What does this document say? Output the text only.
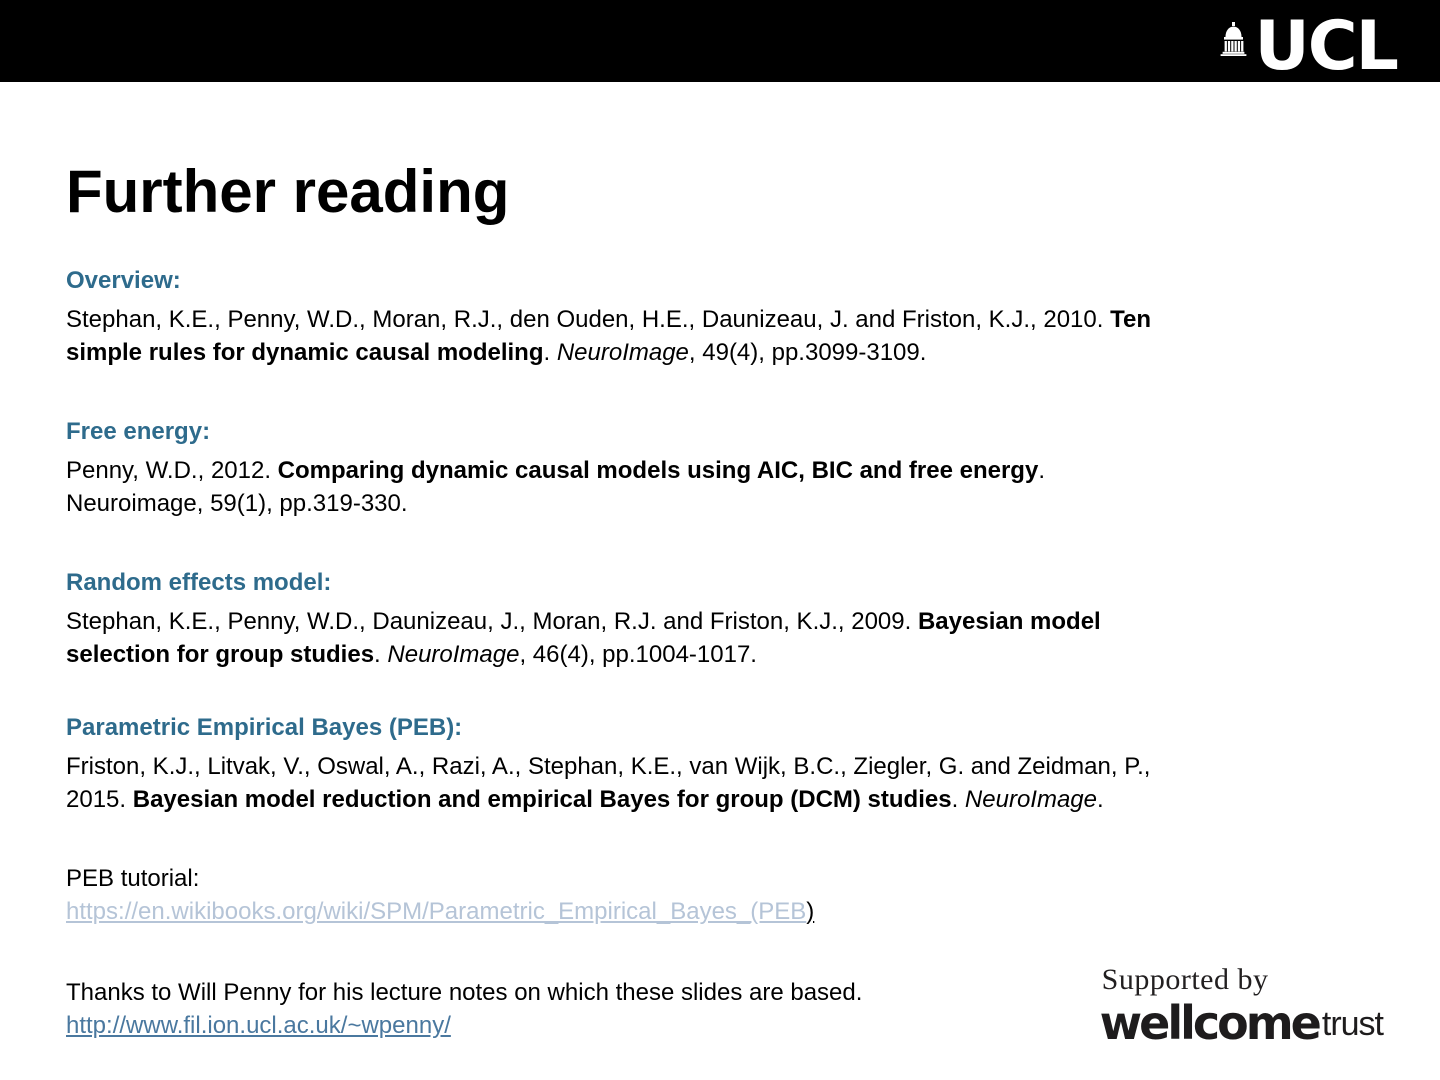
UCL
Further reading
Overview:

Stephan, K.E., Penny, W.D., Moran, R.J., den Ouden, H.E., Daunizeau, J. and Friston, K.J., 2010. Ten
simple rules for dynamic causal modeling. NeuroImage, 49(4), pp.3099-3109.

Free energy:

Penny, W.D., 2012. Comparing dynamic causal models using AIC, BIC and free energy.
Neuroimage, 59(1), pp.319-330.

Random effects model:

Stephan, K.E., Penny, W.D., Daunizeau, J., Moran, R.J. and Friston, K.J., 2009. Bayesian model
selection for group studies. NeuroImage, 46(4), pp.1004-1017.

Parametric Empirical Bayes (PEB):

Friston, K.J., Litvak, V., Oswal, A., Razi, A., Stephan, K.E., van Wijk, B.C., Ziegler, G. and Zeidman, P.,
2015. Bayesian model reduction and empirical Bayes for group (DCM) studies. NeuroImage.

PEB tutorial:

https://en.wikibooks.org/wiki/SPM/Parametric_Empirical_Bayes_(PEB)

Thanks to Will Penny for his lecture notes on which these slides are based.

http://www.fil.ion.ucl.ac.uk/~wpenny/

Supported by
wellcome trust
